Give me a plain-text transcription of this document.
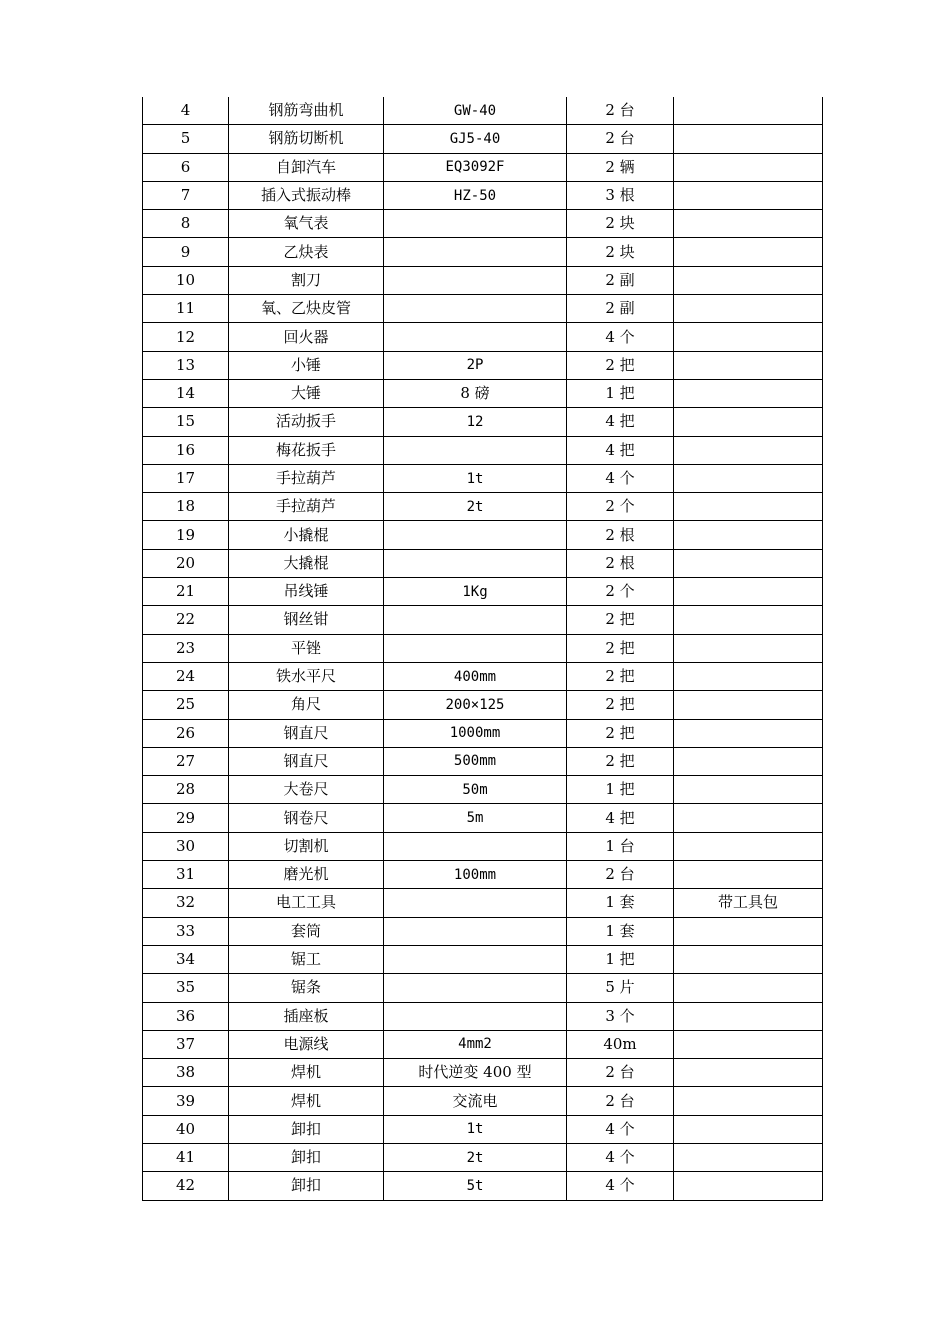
4	钢筋弯曲机	GW-40	2 台	
5	钢筋切断机	GJ5-40	2 台	
6	自卸汽车	EQ3092F	2 辆	
7	插入式振动棒	HZ-50	3 根	
8	氧气表		2 块	
9	乙炔表		2 块	
10	割刀		2 副	
11	氧、乙炔皮管		2 副	
12	回火器		4 个	
13	小锤	2P	2 把	
14	大锤	8 磅	1 把	
15	活动扳手	12	4 把	
16	梅花扳手		4 把	
17	手拉葫芦	1t	4 个	
18	手拉葫芦	2t	2 个	
19	小撬棍		2 根	
20	大撬棍		2 根	
21	吊线锤	1Kg	2 个	
22	钢丝钳		2 把	
23	平锉		2 把	
24	铁水平尺	400mm	2 把	
25	角尺	200×125	2 把	
26	钢直尺	1000mm	2 把	
27	钢直尺	500mm	2 把	
28	大卷尺	50m	1 把	
29	钢卷尺	5m	4 把	
30	切割机		1 台	
31	磨光机	100mm	2 台	
32	电工工具		1 套	带工具包
33	套筒		1 套	
34	锯工		1 把	
35	锯条		5 片	
36	插座板		3 个	
37	电源线	4mm2	40m	
38	焊机	时代逆变 400 型	2 台	
39	焊机	交流电	2 台	
40	卸扣	1t	4 个	
41	卸扣	2t	4 个	
42	卸扣	5t	4 个	
